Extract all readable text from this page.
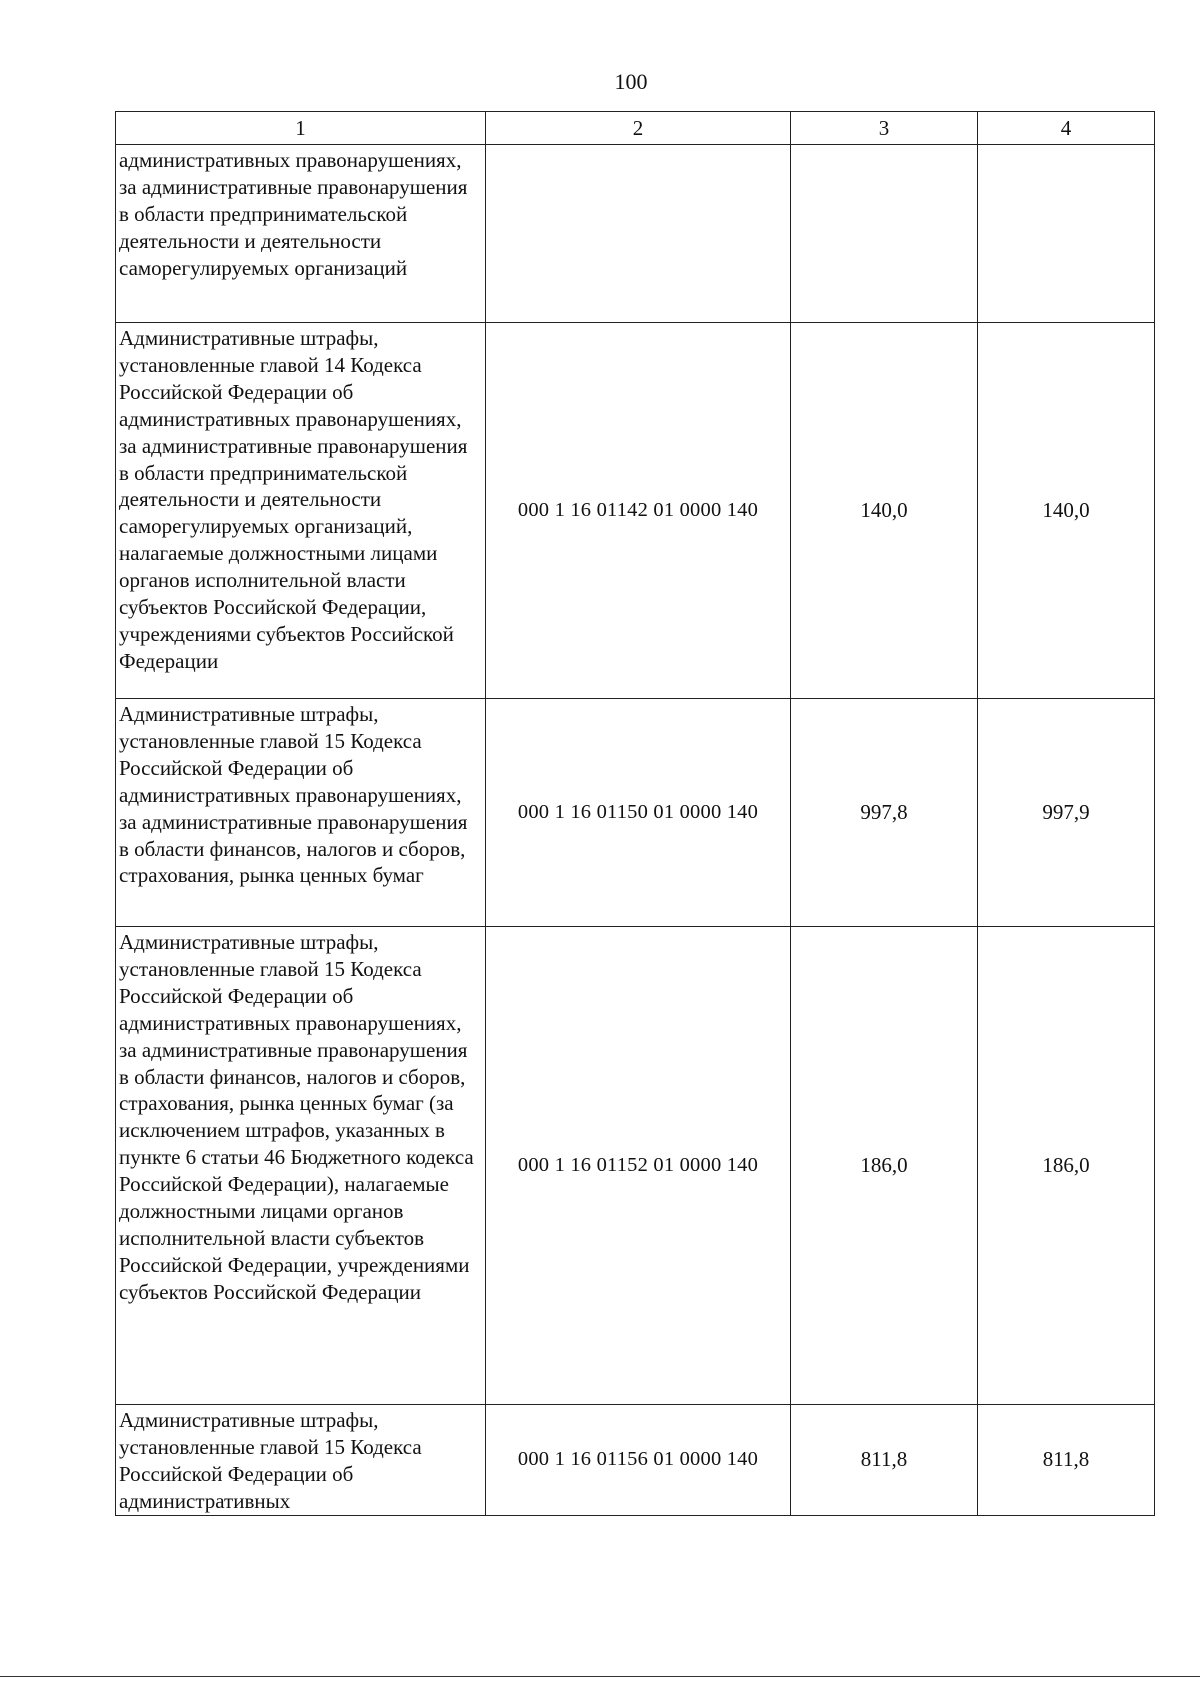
100
1	2	3	4
административных правонарушениях, за административные правонарушения в области предпринимательской деятельности и деятельности саморегулируемых организаций			
Административные штрафы, установленные главой 14 Кодекса Российской Федерации об административных правонарушениях, за административные правонарушения в области предпринимательской деятельности и деятельности саморегулируемых организаций, налагаемые должностными лицами органов исполнительной власти субъектов Российской Федерации, учреждениями субъектов Российской Федерации	000 1 16 01142 01 0000 140	140,0	140,0
Административные штрафы, установленные главой 15 Кодекса Российской Федерации об административных правонарушениях, за административные правонарушения в области финансов, налогов и сборов, страхования, рынка ценных бумаг	000 1 16 01150 01 0000 140	997,8	997,9
Административные штрафы, установленные главой 15 Кодекса Российской Федерации об административных правонарушениях, за административные правонарушения в области финансов, налогов и сборов, страхования, рынка ценных бумаг (за исключением штрафов, указанных в пункте 6 статьи 46 Бюджетного кодекса Российской Федерации), налагаемые должностными лицами органов исполнительной власти субъектов Российской Федерации, учреждениями субъектов Российской Федерации	000 1 16 01152 01 0000 140	186,0	186,0
Административные штрафы, установленные главой 15 Кодекса Российской Федерации об административных	000 1 16 01156 01 0000 140	811,8	811,8
